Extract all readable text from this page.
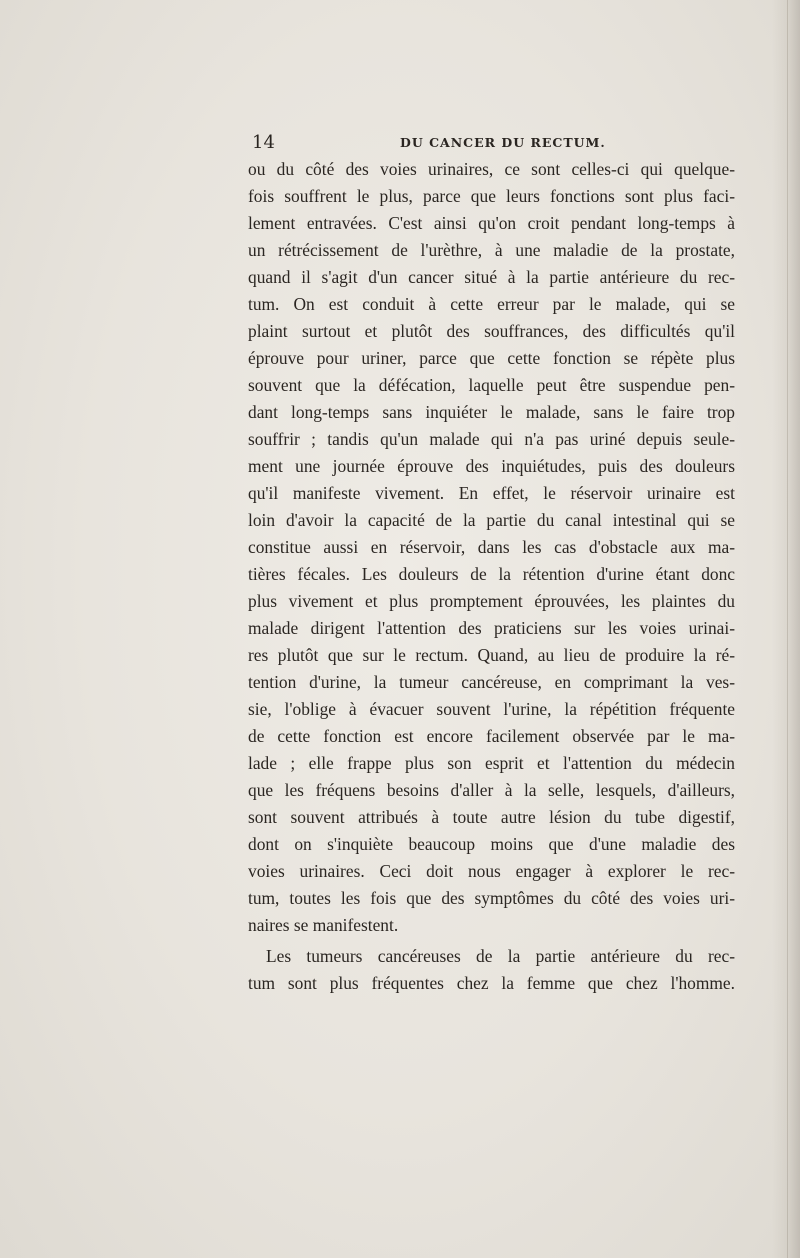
14	DU CANCER DU RECTUM.
ou du côté des voies urinaires, ce sont celles-ci qui quelque-
fois souffrent le plus, parce que leurs fonctions sont plus faci-
lement entravées. C'est ainsi qu'on croit pendant long-temps à
un rétrécissement de l'urèthre, à une maladie de la prostate,
quand il s'agit d'un cancer situé à la partie antérieure du rec-
tum. On est conduit à cette erreur par le malade, qui se
plaint surtout et plutôt des souffrances, des difficultés qu'il
éprouve pour uriner, parce que cette fonction se répète plus
souvent que la défécation, laquelle peut être suspendue pen-
dant long-temps sans inquiéter le malade, sans le faire trop
souffrir ; tandis qu'un malade qui n'a pas uriné depuis seule-
ment une journée éprouve des inquiétudes, puis des douleurs
qu'il manifeste vivement. En effet, le réservoir urinaire est
loin d'avoir la capacité de la partie du canal intestinal qui se
constitue aussi en réservoir, dans les cas d'obstacle aux ma-
tières fécales. Les douleurs de la rétention d'urine étant donc
plus vivement et plus promptement éprouvées, les plaintes du
malade dirigent l'attention des praticiens sur les voies urinai-
res plutôt que sur le rectum. Quand, au lieu de produire la ré-
tention d'urine, la tumeur cancéreuse, en comprimant la ves-
sie, l'oblige à évacuer souvent l'urine, la répétition fréquente
de cette fonction est encore facilement observée par le ma-
lade ; elle frappe plus son esprit et l'attention du médecin
que les fréquens besoins d'aller à la selle, lesquels, d'ailleurs,
sont souvent attribués à toute autre lésion du tube digestif,
dont on s'inquiète beaucoup moins que d'une maladie des
voies urinaires. Ceci doit nous engager à explorer le rec-
tum, toutes les fois que des symptômes du côté des voies uri-
naires se manifestent.
Les tumeurs cancéreuses de la partie antérieure du rec-
tum sont plus fréquentes chez la femme que chez l'homme.
